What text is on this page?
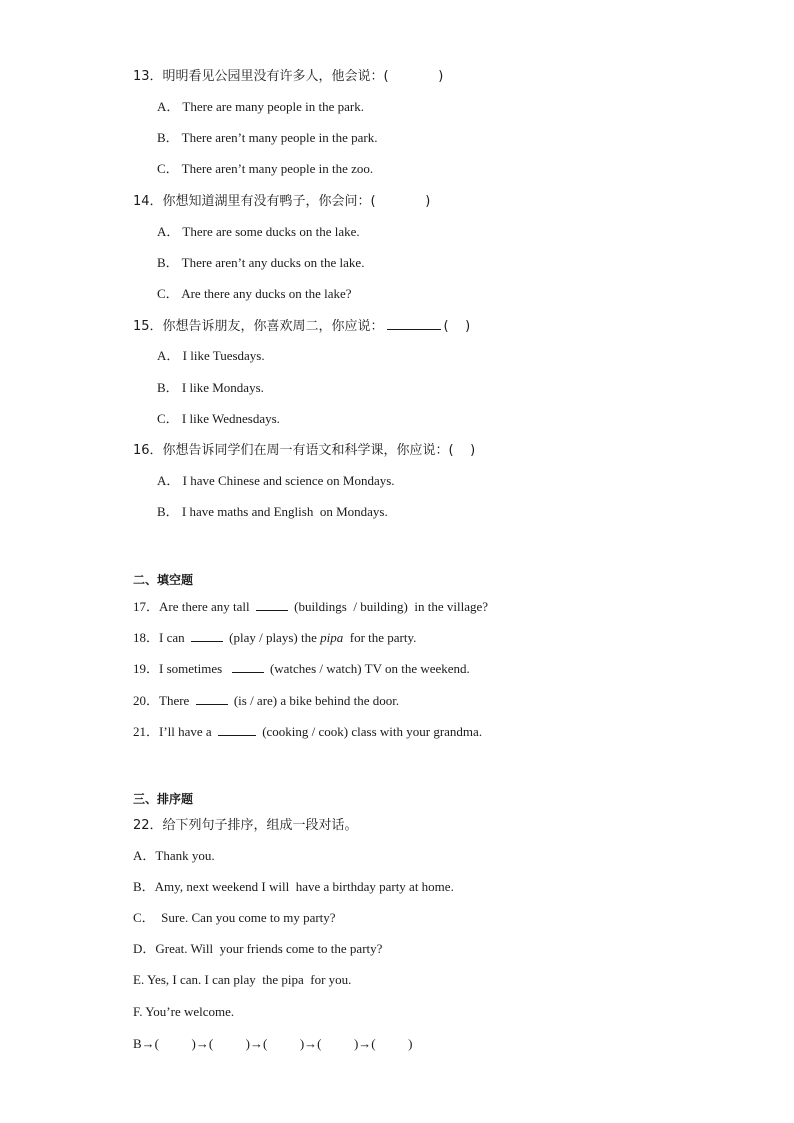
13．明明看见公园里没有许多人，他会说：(            )
A． There are many people in the park.
B． There aren’t many people in the park.
C． There aren’t many people in the zoo.
14．你想知道湖里有没有鸭子，你会问：(            )
A． There are some ducks on the lake.
B． There aren’t any ducks on the lake.
C． Are there any ducks on the lake?
15．你想告诉朋友，你喜欢周二，你应说：	(    )
A． I like Tuesdays.
B． I like Mondays.
C． I like Wednesdays.
16．你想告诉同学们在周一有语文和科学课，你应说：(    )
A． I have Chinese and science on Mondays.
B． I have maths and English  on Mondays.
二、填空题
17．Are there any tall	(buildings  / building)  in the village?
18．I can	(play / plays) the pipa  for the party.
19．I sometimes	(watches / watch) TV on the weekend.
20．There	(is / are) a bike behind the door.
21．I’ll have a	(cooking / cook) class with your grandma.
三、排序题
22．给下列句子排序，组成一段对话。
A．Thank you.
B．Amy, next weekend I will  have a birthday party at home.
C．  Sure. Can you come to my party?
D．Great. Will  your friends come to the party?
E. Yes, I can. I can play  the pipa  for you.
F. You’re welcome.
B→(          )→(          )→(          )→(          )→(          )
